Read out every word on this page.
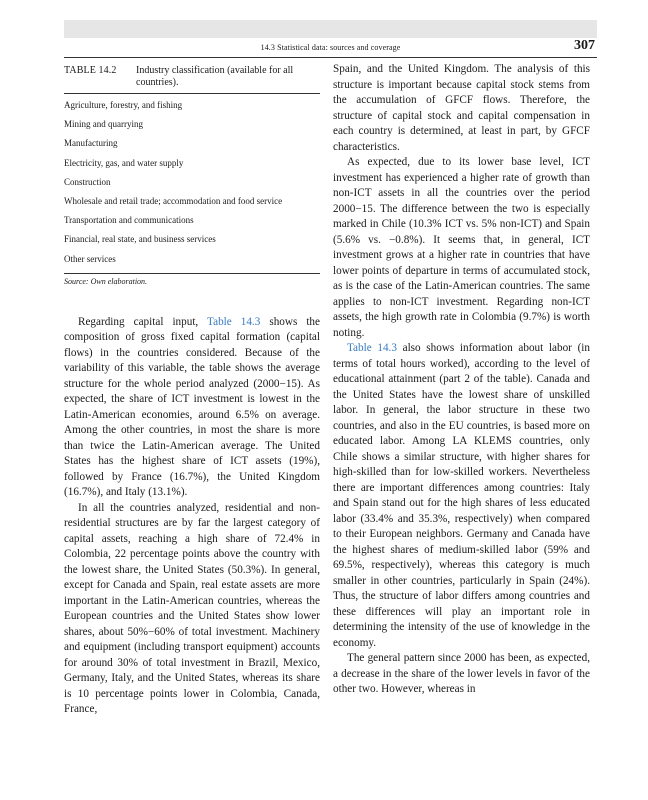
14.3 Statistical data: sources and coverage	307
TABLE 14.2	Industry classification (available for all countries).
Agriculture, forestry, and fishing
Mining and quarrying
Manufacturing
Electricity, gas, and water supply
Construction
Wholesale and retail trade; accommodation and food service
Transportation and communications
Financial, real state, and business services
Other services
Source: Own elaboration.

Regarding capital input, Table 14.3 shows the composition of gross fixed capital formation (capital flows) in the countries considered. Because of the variability of this variable, the table shows the average structure for the whole period analyzed (2000−15). As expected, the share of ICT investment is lowest in the Latin-American economies, around 6.5% on average. Among the other countries, in most the share is more than twice the Latin-American average. The United States has the highest share of ICT assets (19%), followed by France (16.7%), the United Kingdom (16.7%), and Italy (13.1%).

In all the countries analyzed, residential and non-residential structures are by far the largest category of capital assets, reaching a high share of 72.4% in Colombia, 22 percentage points above the country with the lowest share, the United States (50.3%). In general, except for Canada and Spain, real estate assets are more important in the Latin-American countries, whereas the European countries and the United States show lower shares, about 50%−60% of total investment. Machinery and equipment (including transport equipment) accounts for around 30% of total investment in Brazil, Mexico, Germany, Italy, and the United States, whereas its share is 10 percentage points lower in Colombia, Canada, France,

Spain, and the United Kingdom. The analysis of this structure is important because capital stock stems from the accumulation of GFCF flows. Therefore, the structure of capital stock and capital compensation in each country is determined, at least in part, by GFCF characteristics.

As expected, due to its lower base level, ICT investment has experienced a higher rate of growth than non-ICT assets in all the countries over the period 2000−15. The difference between the two is especially marked in Chile (10.3% ICT vs. 5% non-ICT) and Spain (5.6% vs. −0.8%). It seems that, in general, ICT investment grows at a higher rate in countries that have lower points of departure in terms of accumulated stock, as is the case of the Latin-American countries. The same applies to non-ICT investment. Regarding non-ICT assets, the high growth rate in Colombia (9.7%) is worth noting.

Table 14.3 also shows information about labor (in terms of total hours worked), according to the level of educational attainment (part 2 of the table). Canada and the United States have the lowest share of unskilled labor. In general, the labor structure in these two countries, and also in the EU countries, is based more on educated labor. Among LA KLEMS countries, only Chile shows a similar structure, with higher shares for high-skilled than for low-skilled workers. Nevertheless there are important differences among countries: Italy and Spain stand out for the high shares of less educated labor (33.4% and 35.3%, respectively) when compared to their European neighbors. Germany and Canada have the highest shares of medium-skilled labor (59% and 69.5%, respectively), whereas this category is much smaller in other countries, particularly in Spain (24%). Thus, the structure of labor differs among countries and these differences will play an important role in determining the intensity of the use of knowledge in the economy.

The general pattern since 2000 has been, as expected, a decrease in the share of the lower levels in favor of the other two. However, whereas in
